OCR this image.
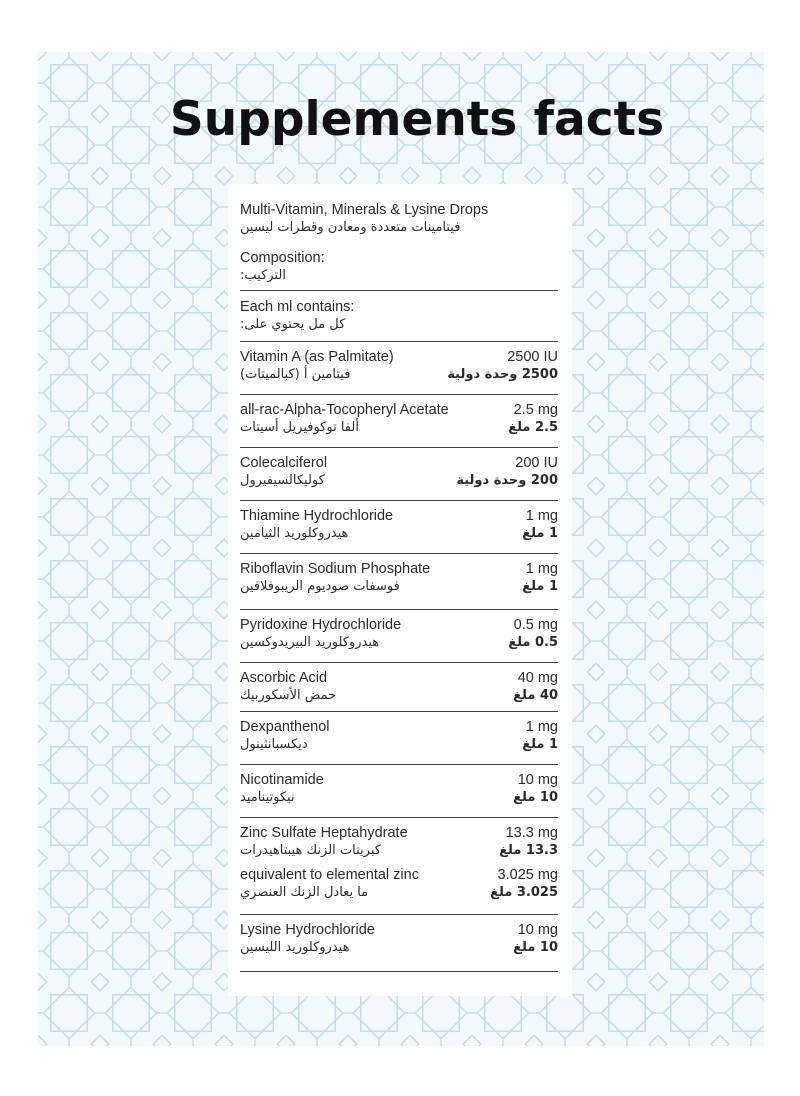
Supplements facts
Multi-Vitamin, Minerals & Lysine Drops
فيتامينات متعددة ومعادن وقطرات ليسين
Composition:
التركيب:
Each ml contains:
كل مل يحتوي على:
Vitamin A (as Palmitate)	2500 IU
فيتامين أ (كبالميتات)	2500 وحدة دولية
all-rac-Alpha-Tocopheryl Acetate	2.5 mg
ألفا توكوفيريل أسيتات	2.5 ملغ
Colecalciferol	200 IU
كوليكالسيفيرول	200 وحدة دولية
Thiamine Hydrochloride	1 mg
هيدروكلوريد الثيامين	1 ملغ
Riboflavin Sodium Phosphate	1 mg
فوسفات صوديوم الريبوفلافين	1 ملغ
Pyridoxine Hydrochloride	0.5 mg
هيدروكلوريد البيريدوكسين	0.5 ملغ
Ascorbic Acid	40 mg
حمض الأسكوربيك	40 ملغ
Dexpanthenol	1 mg
ديكسبانثينول	1 ملغ
Nicotinamide	10 mg
نيكوتيناميد	10 ملغ
Zinc Sulfate Heptahydrate	13.3 mg
كبريتات الزنك هيبتاهيدرات	13.3 ملغ
equivalent to elemental zinc	3.025 mg
ما يعادل الزنك العنصري	3.025 ملغ
Lysine Hydrochloride	10 mg
هيدروكلوريد الليسين	10 ملغ
